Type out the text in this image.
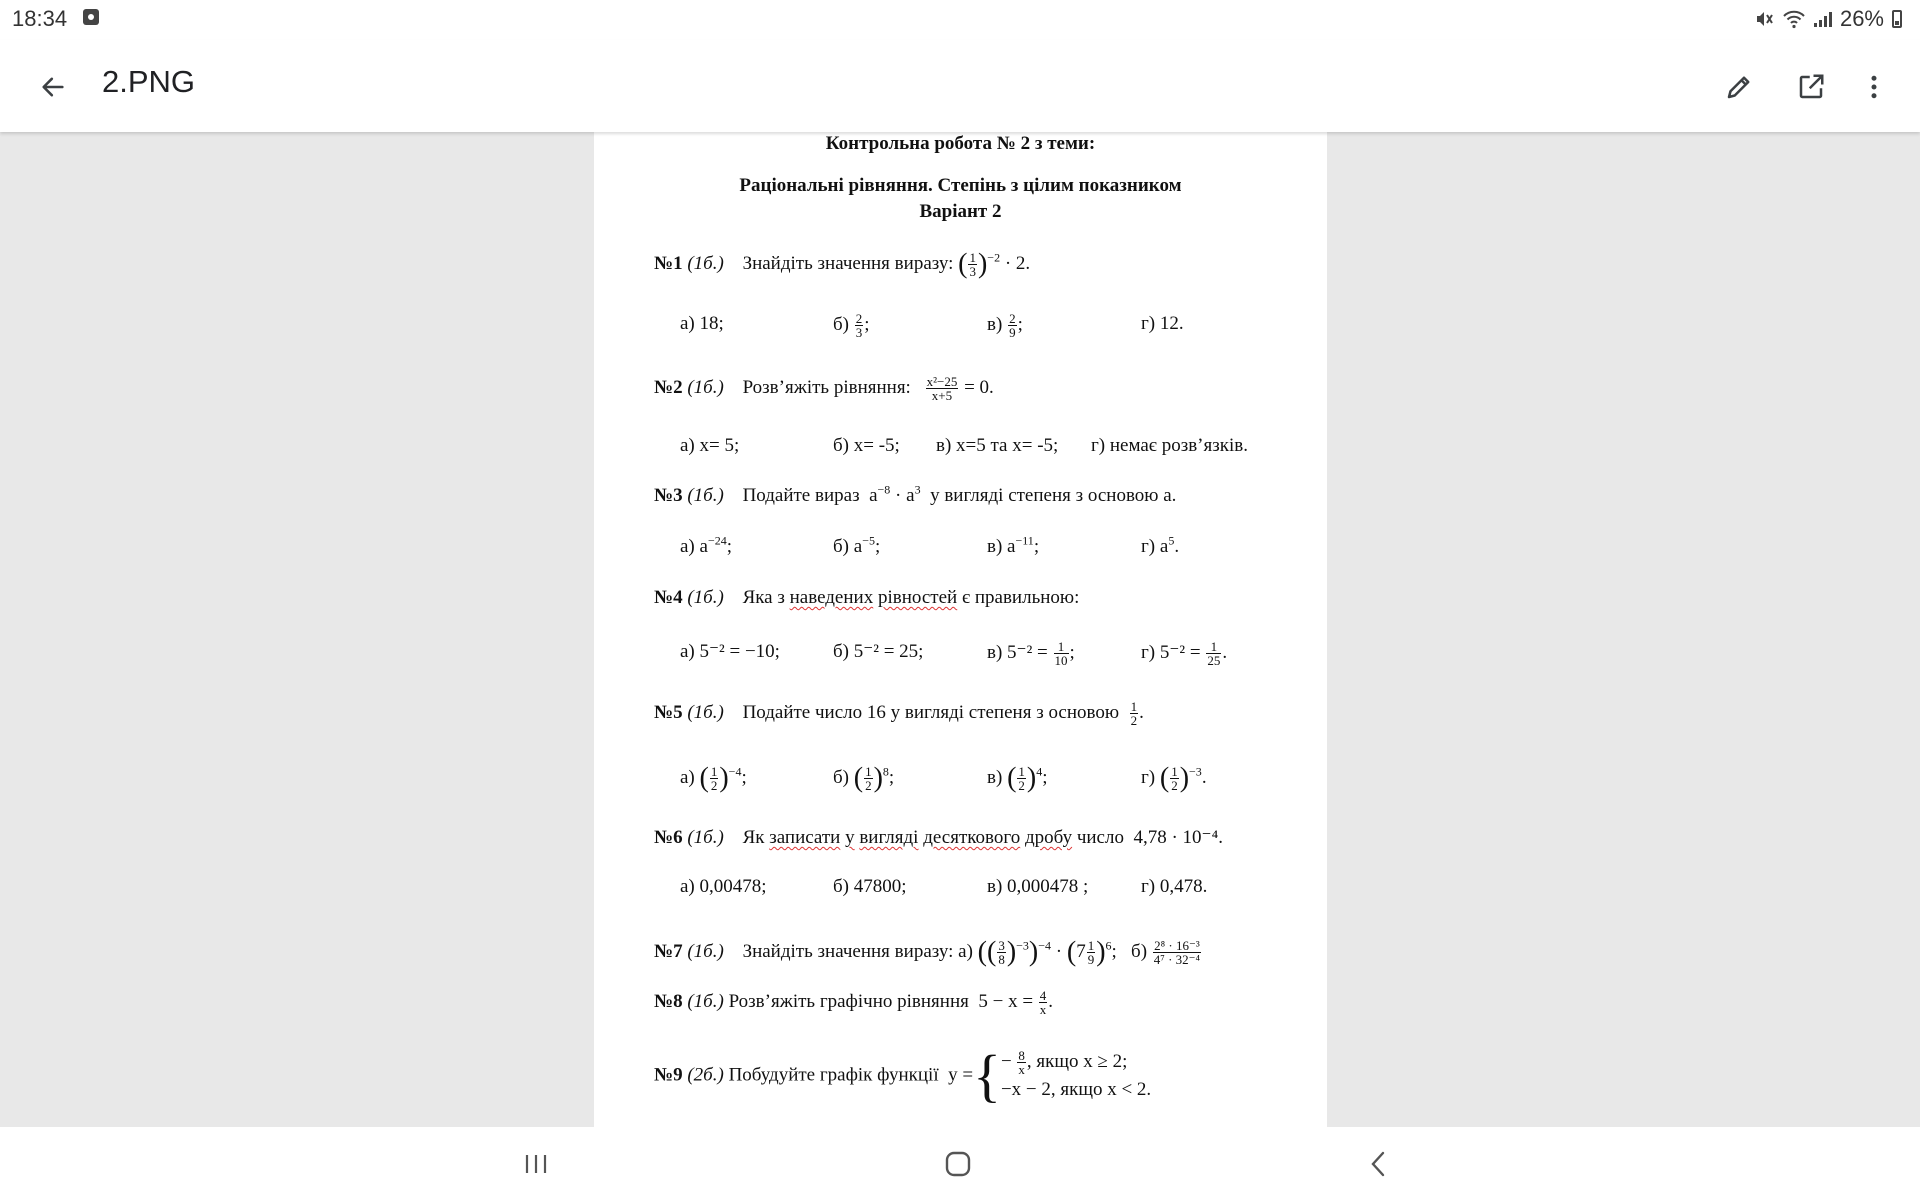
18:34	26%
2.PNG
Контрольна робота № 2 з теми:
Раціональні рівняння. Степінь з цілим показником
Варіант 2
№1 (1б.) Знайдіть значення виразу: ( $\frac{1}{3} )^{-2} \cdot 2$.
а) 18;	$б) \frac{2}{3}$ ;	$в) \frac{2}{9}$ ;	г) 12.
№2 (1б.) Розв’яжіть рівняння: $\frac{\text{x²−25}}{x+5} = 0$.
а) x= 5;	б) x= -5; в) x=5 та x= -5; г) немає розв’язків.
№3 (1б.) Подайте вираз  $a^{-8} \cdot a^3$ у вигляді степеня з основою a.
а) $a^{-24}$;	б) $a^{-5}$;	в) $a^{-11}$;	г) $a^5$.
№4 (1б.) Яка з наведених рівностей є правильною:
а) 5⁻² = −10;	б) 5⁻² = 25;	в) $5^{-2} = \frac{1}{10}$ ;	г) $5^{-2} = \frac{1}{25}$ .
№5 (1б.) Подайте число 16 у вигляді степеня з основою $\frac{1}{2}$ .
а) ( $\frac{1}{2} )^{-4}$;	б) ( $\frac{1}{2} )^8$;	в) ( $\frac{1}{2} )^4$;	г) ( $\frac{1}{2} )^{-3}$.
№6 (1б.) Як записати у вигляді десяткового дробу число 4,78 · 10⁻⁴.
а) 0,00478;	б) 47800;	в) 0,000478 ;	г) 0,478.
№7 (1б.) Знайдіть значення виразу: а) (( $\frac{3}{8} )^{-3})^{-4} \cdot (7 \frac{1}{9} )^6$;   $б) \frac{\text{2⁸ · 16⁻³}}{\text{4⁷ · 32⁻⁴}}$
№8 (1б.) Розв’яжіть графічно рівняння $5 - x = \frac{4}{x}$ .
№9 (2б.) Побудуйте графік функції y ={ − $\frac{8}{x}$ , якщо x ≥ 2;
−x − 2, якщо x < 2.
